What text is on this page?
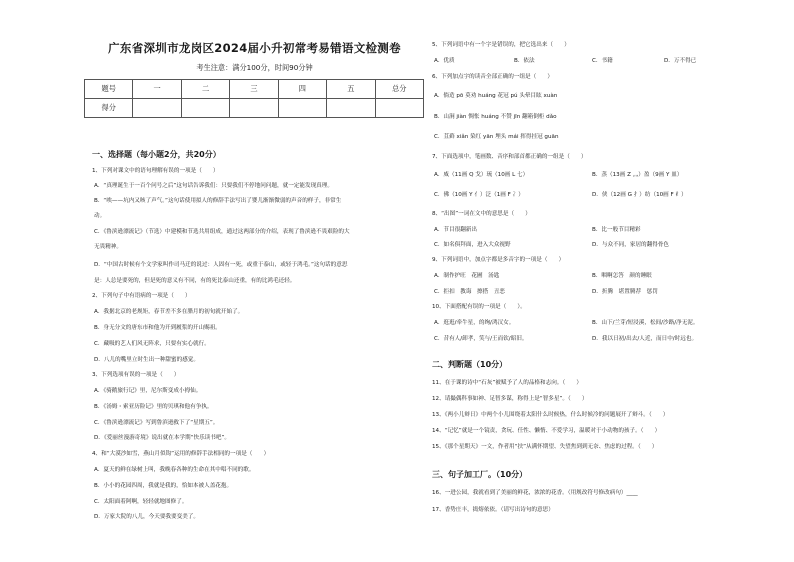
广东省深圳市龙岗区2024届小升初常考易错语文检测卷
考生注意：满分100分，时间90分钟
题号	一	二	三	四	五	总分
得分						
一、选择题（每小题2分，共20分）
1、下列对课文中的语句理解有误的一项是（　　）
A．“真理诞生于一百个问号之后”这句话告诉我们：只要我们不停地问问题，就一定能发现真理。
B．“唉——坑内又咳了声气。”这句话使用拟人的修辞手法写出了婴儿渐渐微弱的声音的样子，非常生
动。
C．《鲁滨逊漂流记》（节选）中建模和节选共用组成，通过这两部分的介绍，表现了鲁滨逊不畏艰险的大
无畏精神。
D．“中国古时候有个文学家叫作司马迁的说过：人固有一死，或重于泰山，或轻于鸿毛。”这句话的意思
是：人总是要死的，但是死的意义有不同，有的死比泰山还重，有的比鸿毛还轻。
2、下列句子中有语病的一项是（　　）
A．我据北京的老规矩，春节差不多在腊月的初旬就开始了。
B．身无分文的唐东市和他为开到履浆的开山赐祖。
C．藏吸的艺人们风无阵求，只要有实心就行。
D．八儿的嘴里立时生出一种甜蜜的感觉。
3、下列选项有误的一项是（　　）
A．《骑鹅旅行记》里，尼尔斯变成小拇仙。
B．《汤姆・索亚历险记》里的贝琪和他有争执。
C．《鲁滨逊漂流记》写到鲁滨逊救下了“星期五”。
D．《爱丽丝漫游奇境》说出就在本学期“快乐读书吧”。
4、和“大漠沙如雪，燕山月似钩”运用的修辞手法相同的一项是（　　）
A．夏天的鲜在绿树上叫，我晚春各种的生命在其中唱不同的歌。
B．小小的花园四周，我就是我的，恰如本被人盖花抱。
C．太阳面着阿啊，轻轻就地图修了。
D．万家大院的八儿，今天要我要变美了。
5、下列词语中有一个字是错误的，把它选出来（　　）
A．优质	B．依法	C．书籍	D．万不得已
6、下列加点字的读音全部正确的一组是（　　）
A．倘造 pō 莫劝 huáng 花冠 pú 头晕目眩 xuàn
B．山涧 jiàn 惆怅 huáng 不赞 jīn 翻箱倒柜 dǎo
C．苴藓 xiǎn 染红 yān 埋头 mái 挥得挂冠 guān
7、下面选项中，笔画数、音序和部首都正确的一组是（　　）
A．威（11画 Q 戈）琉（10画 L 七）	B．蒸（13画 Z 灬）盈（9画 Y 皿）
C．佛（10画 Y 亻）泛（1画 F 冫）	D．侠（12画 G 扌）纺（10画 F 纟）
8、“出图”一词在文中的意思是（　　）
A．节目很翻新出	B．比一般节目精彩
C．如名俱拜面，进入大众视野	D．与众不同，家居的翻得骨色
9、下列词语中，加点字都是多音字的一项是（　　）
A．制作护旺　花圃　汤匙	B．咽啊怎答　颜的睡眠
C．拒扣　教诲　擦搭　丑恶	D．折腾　堪置腾荐　惩罚
10、下面搭配有误的一项是（　　）。
A．逛逛/牵牛星，的绚/鸿汉女。	B．山下/兰芽/短浸溪，松间/沙路/净无泥。
C．昔有人/卸孝，笑与/王而钦/昭旧。	D．我以日初/出去/人近，而日中/时远也。
二、判断题（10分）
11、在于课的诗中“石灰”被赋予了人的品格和志向。（　　）
12、请撮偶科事如神、足智多谋，称得上是“智多星”。（　　）
13、《两小儿辩日》中两个小儿围绕着太阳什么时候热，什么时候冷的问题展开了辩斗。（　　）
14、“记忆”就是一个镜责，贪玩、任性、懒惰、不爱学习，温暖对于小动物的孩子。（　　）
15、《那个星期天》一文，作者用“扶”从满怀期望、失望焦到到无奈、焦虑的过程。（　　）
三、句子加工厂。（10分）
16、一进公园，我就看到了美丽的鲜花，浓浓的花香。（用规改符号修改病句）____
17、香势庄丰，捣熔依依。（请写出诗句的意思）
